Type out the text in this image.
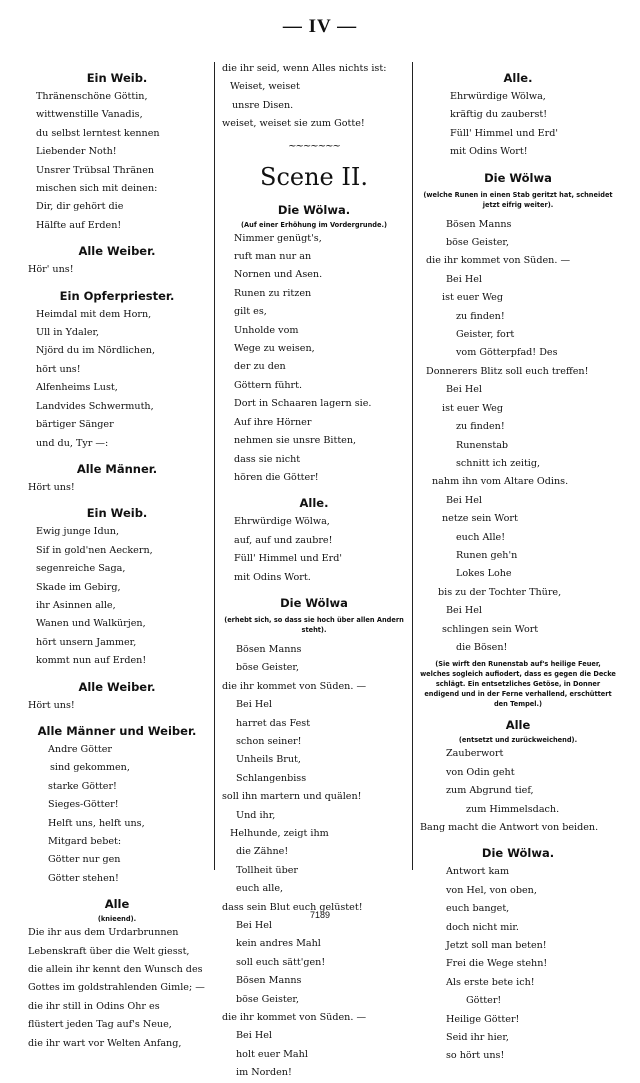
— IV —
Ein Weib.
Thränenschöne Göttin,
wittwenstille Vanadis,
du selbst lerntest kennen
Liebender Noth!
Unsrer Trübsal Thränen
mischen sich mit deinen:
Dir, dir gehört die
Hälfte auf Erden!
Alle Weiber.
Hör' uns!
Ein Opferpriester.
Heimdal mit dem Horn,
Ull in Ydaler,
Njörd du im Nördlichen,
hört uns!
Alfenheims Lust,
Landvides Schwermuth,
bärtiger Sänger
und du, Tyr —:
Alle Männer.
Hört uns!
Ein Weib.
Ewig junge Idun,
Sif in gold'nen Aeckern,
segenreiche Saga,
Skade im Gebirg,
ihr Asinnen alle,
Wanen und Walkürjen,
hört unsern Jammer,
kommt nun auf Erden!
Alle Weiber.
Hört uns!
Alle Männer und Weiber.
Andre Götter
sind gekommen,
starke Götter!
Sieges-Götter!
Helft uns, helft uns,
Mitgard bebet:
Götter nur gen
Götter stehen!
Alle
(knieend).
Die ihr aus dem Urdarbrunnen
Lebenskraft über die Welt giesst,
die allein ihr kennt den Wunsch des
Gottes im goldstrahlenden Gimle; —
die ihr still in Odins Ohr es
flüstert jeden Tag auf's Neue,
die ihr wart vor Welten Anfang,
die ihr seid, wenn Alles nichts ist:
Weiset, weiset
unsre Disen.
weiset, weiset sie zum Gotte!
~~~~~~~
Scene II.
Die Wölwa.
(Auf einer Erhöhung im Vordergrunde.)
Nimmer genügt's,
ruft man nur an
Nornen und Asen.
Runen zu ritzen
gilt es,
Unholde vom
Wege zu weisen,
der zu den
Göttern führt.
Dort in Schaaren lagern sie.
Auf ihre Hörner
nehmen sie unsre Bitten,
dass sie nicht
hören die Götter!
Alle.
Ehrwürdige Wölwa,
auf, auf und zaubre!
Füll' Himmel und Erd'
mit Odins Wort.
Die Wölwa
(erhebt sich, so dass sie hoch über allen Andern steht).
Bösen Manns
böse Geister,
die ihr kommet von Süden. —
Bei Hel
harret das Fest
schon seiner!
Unheils Brut,
Schlangenbiss
soll ihn martern und quälen!
Und ihr,
Helhunde, zeigt ihm
die Zähne!
Tollheit über
euch alle,
dass sein Blut euch gelüstet!
Bei Hel
kein andres Mahl
soll euch sätt'gen!
Bösen Manns
böse Geister,
die ihr kommet von Süden. —
Bei Hel
holt euer Mahl
im Norden!
Alle.
Ehrwürdige Wölwa,
kräftig du zauberst!
Füll' Himmel und Erd'
mit Odins Wort!
Die Wölwa
(welche Runen in einen Stab geritzt hat, schneidet jetzt eifrig weiter).
Bösen Manns
böse Geister,
die ihr kommet von Süden. —
Bei Hel
ist euer Weg
zu finden!
Geister, fort
vom Götterpfad! Des
Donnerers Blitz soll euch treffen!
Bei Hel
ist euer Weg
zu finden!
Runenstab
schnitt ich zeitig,
nahm ihn vom Altare Odins.
Bei Hel
netze sein Wort
euch Alle!
Runen geh'n
Lokes Lohe
bis zu der Tochter Thüre,
Bei Hel
schlingen sein Wort
die Bösen!
(Sie wirft den Runenstab auf's heilige Feuer, welches sogleich aufiodert, dass es gegen die Decke schlägt. Ein entsetzliches Getöse, in Donner endigend und in der Ferne verhallend, erschüttert den Tempel.)
Alle
(entsetzt und zurückweichend).
Zauberwort
von Odin geht
zum Abgrund tief,
zum Himmelsdach.
Bang macht die Antwort von beiden.
Die Wölwa.
Antwort kam
von Hel, von oben,
euch banget,
doch nicht mir.
Jetzt soll man beten!
Frei die Wege stehn!
Als erste bete ich!
Götter!
Heilige Götter!
Seid ihr hier,
so hört uns!
7189
